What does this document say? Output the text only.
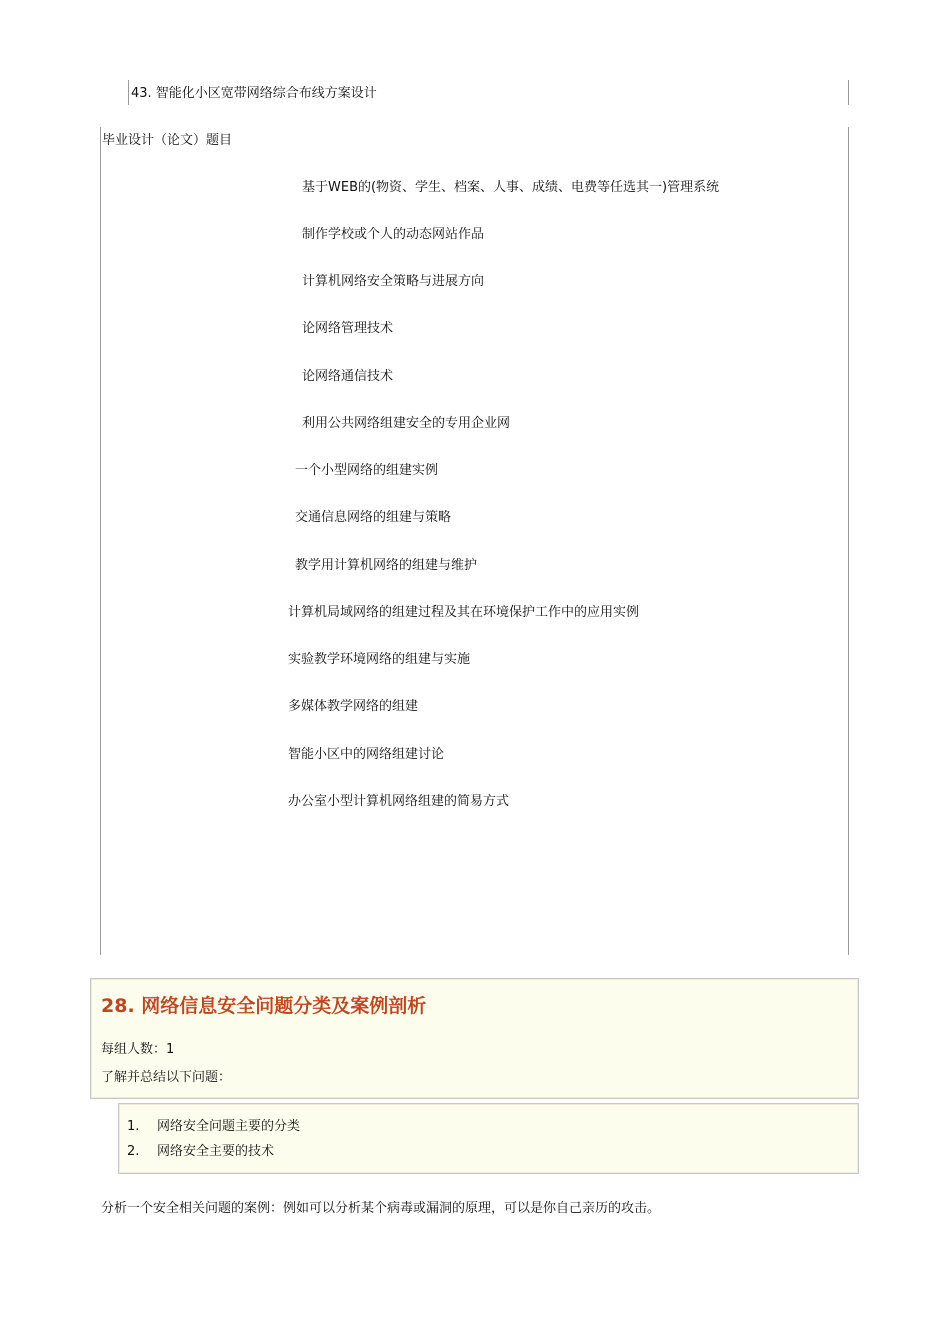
43. 智能化小区宽带网络综合布线方案设计
毕业设计（论文）题目
基于WEB的(物资、学生、档案、人事、成绩、电费等任选其一)管理系统
制作学校或个人的动态网站作品
计算机网络安全策略与进展方向
论网络管理技术
论网络通信技术
利用公共网络组建安全的专用企业网
一个小型网络的组建实例
交通信息网络的组建与策略
教学用计算机网络的组建与维护
计算机局域网络的组建过程及其在环境保护工作中的应用实例
实验教学环境网络的组建与实施
多媒体教学网络的组建
智能小区中的网络组建讨论
办公室小型计算机网络组建的简易方式
28. 网络信息安全问题分类及案例剖析
每组人数：1
了解并总结以下问题：
1. 网络安全问题主要的分类
2. 网络安全主要的技术
分析一个安全相关问题的案例：例如可以分析某个病毒或漏洞的原理，可以是你自己亲历的攻击。
